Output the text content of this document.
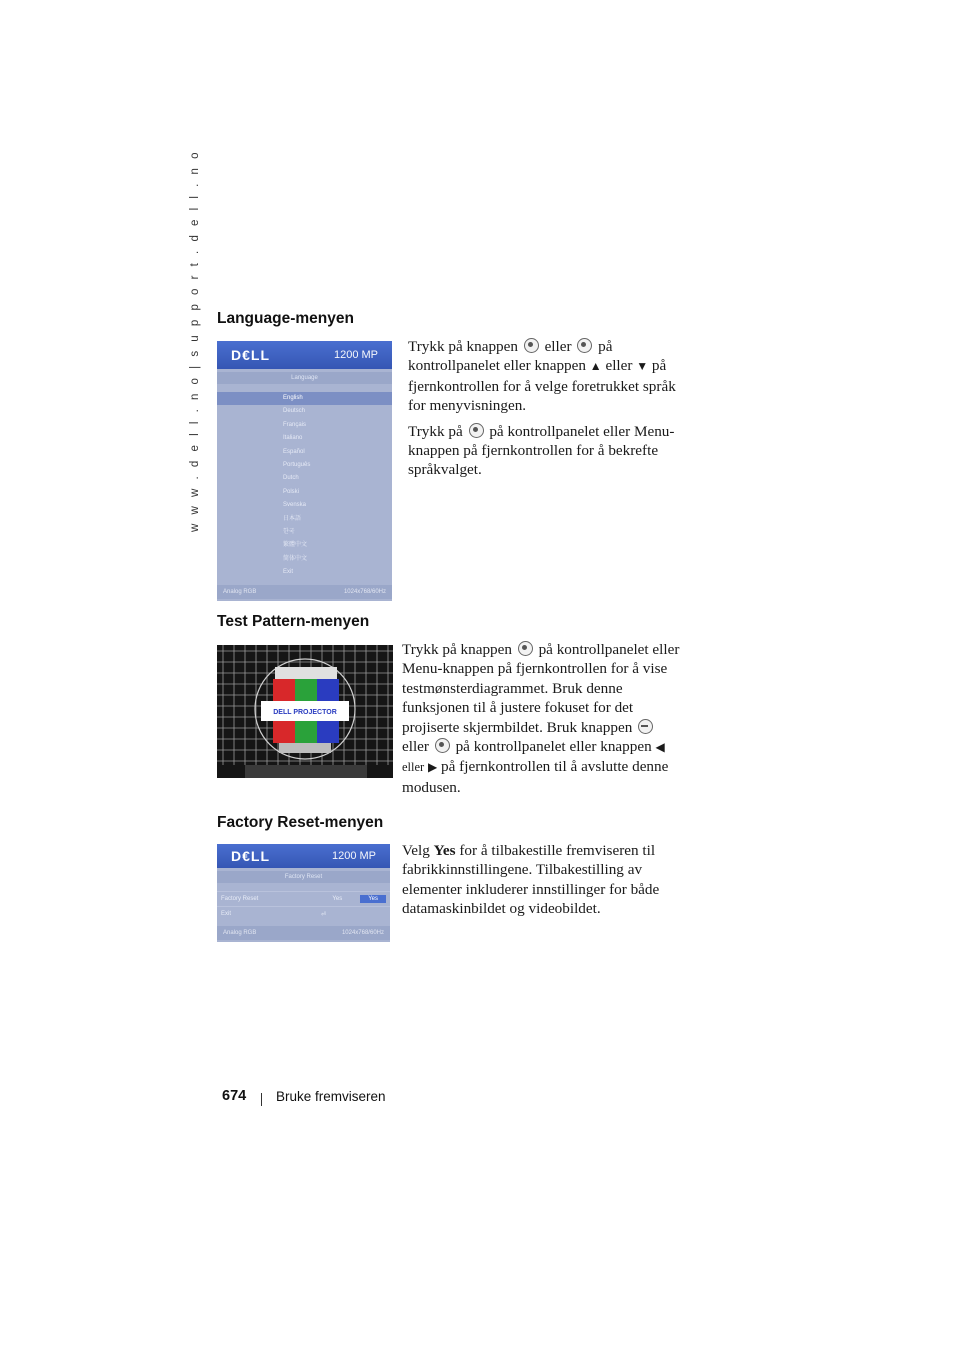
w w w . d e l l . n o | s u p p o r t . d e l l . n o Language-menyen
D€LL	1200 MP
Language
English
Deutsch
Français
Italiano
Español
Português
Dutch
Polski
Svenska
日本語
한국
繁體中文
简体中文
Exit
Analog RGB	1024x768/60Hz

Trykk på knappen eller på kontrollpanelet eller knappen ▲ eller ▼ på fjernkontrollen for å velge foretrukket språk for menyvisningen.

Trykk på på kontrollpanelet eller Menu-knappen på fjernkontrollen for å bekrefte språkvalget.

Test Pattern-menyen
DELL PROJECTOR

Trykk på knappen på kontrollpanelet eller Menu-knappen på fjernkontrollen for å vise testmønsterdiagrammet. Bruk denne funksjonen til å justere fokuset for det projiserte skjermbildet. Bruk knappen  eller på kontrollpanelet eller knappen ◀ eller ▶ på fjernkontrollen til å avslutte denne modusen.

Factory Reset-menyen
D€LL	1200 MP
Factory Reset
Factory Reset	Yes	Yes
Exit	⏎
Analog RGB	1024x768/60Hz

Velg Yes for å tilbakestille fremviseren til fabrikkinnstillingene. Tilbakestilling av elementer inkluderer innstillinger for både datamaskinbildet og videobildet.

674 Bruke fremviseren
